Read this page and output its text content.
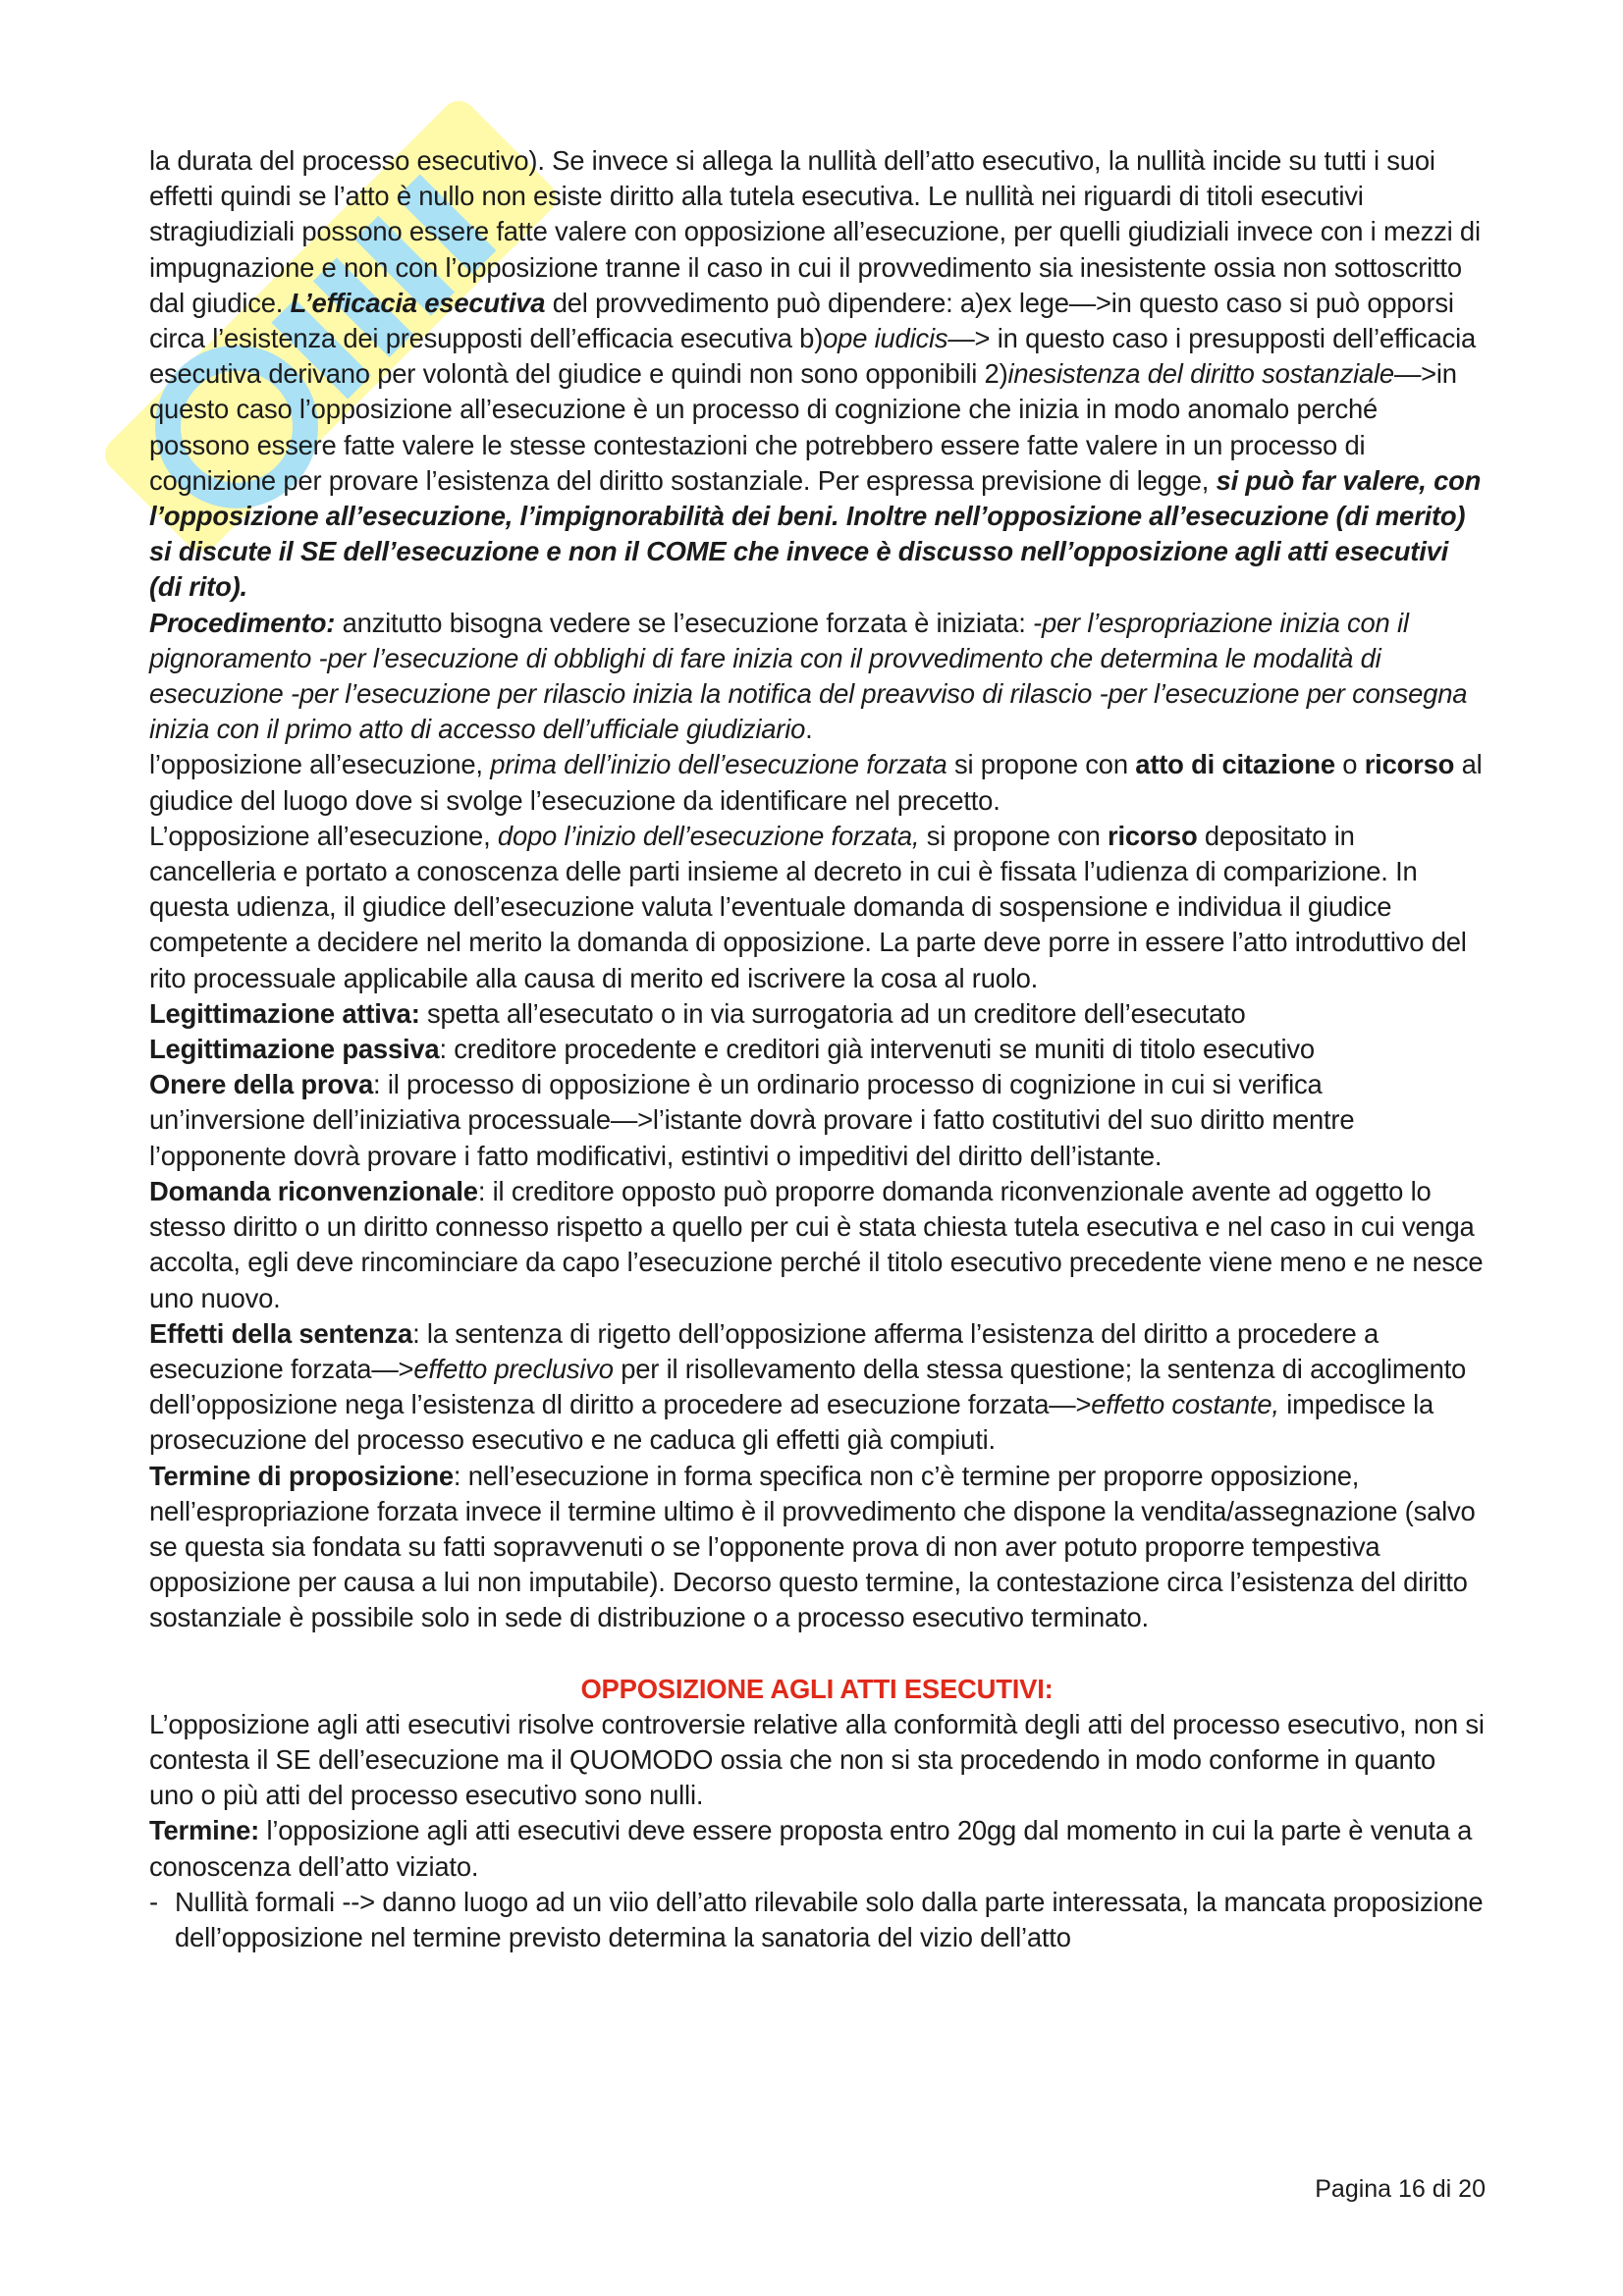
la durata del processo esecutivo). Se invece si allega la nullità dell’atto esecutivo, la nullità incide su tutti i suoi effetti quindi se l’atto è nullo non esiste diritto alla tutela esecutiva. Le nullità nei riguardi di titoli esecutivi stragiudiziali possono essere fatte valere con opposizione all’esecuzione, per quelli giudiziali invece con i mezzi di impugnazione e non con l’opposizione tranne il caso in cui il provvedimento sia inesistente ossia non sottoscritto dal giudice. L’efficacia esecutiva del provvedimento può dipendere: a)ex lege—>in questo caso si può opporsi circa l’esistenza dei presupposti dell’efficacia esecutiva b)ope iudicis—> in questo caso i presupposti dell’efficacia esecutiva derivano per volontà del giudice e quindi non sono opponibili 2)inesistenza del diritto sostanziale—>in questo caso l’opposizione all’esecuzione è un processo di cognizione che inizia in modo anomalo perché possono essere fatte valere le stesse contestazioni che potrebbero essere fatte valere in un processo di cognizione per provare l’esistenza del diritto sostanziale. Per espressa previsione di legge, si può far valere, con l’opposizione all’esecuzione, l’impignorabilità dei beni. Inoltre nell’opposizione all’esecuzione (di merito) si discute il SE dell’esecuzione e non il COME che invece è discusso nell’opposizione agli atti esecutivi (di rito).

Procedimento: anzitutto bisogna vedere se l’esecuzione forzata è iniziata: -per l’espropriazione inizia con il pignoramento -per l’esecuzione di obblighi di fare inizia con il provvedimento che determina le modalità di esecuzione -per l’esecuzione per rilascio inizia la notifica del preavviso di rilascio -per l’esecuzione per consegna inizia con il primo atto di accesso dell’ufficiale giudiziario.

l’opposizione all’esecuzione, prima dell’inizio dell’esecuzione forzata si propone con atto di citazione o ricorso al giudice del luogo dove si svolge l’esecuzione da identificare nel precetto.

L’opposizione all’esecuzione, dopo l’inizio dell’esecuzione forzata, si propone con ricorso depositato in cancelleria e portato a conoscenza delle parti insieme al decreto in cui è fissata l’udienza di comparizione. In questa udienza, il giudice dell’esecuzione valuta l’eventuale domanda di sospensione e individua il giudice competente a decidere nel merito la domanda di opposizione. La parte deve porre in essere l’atto introduttivo del rito processuale applicabile alla causa di merito ed iscrivere la cosa al ruolo.

Legittimazione attiva: spetta all’esecutato o in via surrogatoria ad un creditore dell’esecutato

Legittimazione passiva: creditore procedente e creditori già intervenuti se muniti di titolo esecutivo

Onere della prova: il processo di opposizione è un ordinario processo di cognizione in cui si verifica un’inversione dell’iniziativa processuale—>l’istante dovrà provare i fatto costitutivi del suo diritto mentre l’opponente dovrà provare i fatto modificativi, estintivi o impeditivi del diritto dell’istante.

Domanda riconvenzionale: il creditore opposto può proporre domanda riconvenzionale avente ad oggetto lo stesso diritto o un diritto connesso rispetto a quello per cui è stata chiesta tutela esecutiva e nel caso in cui venga accolta, egli deve rincominciare da capo l’esecuzione perché il titolo esecutivo precedente viene meno e ne nesce uno nuovo.

Effetti della sentenza: la sentenza di rigetto dell’opposizione afferma l’esistenza del diritto a procedere a esecuzione forzata—>effetto preclusivo per il risollevamento della stessa questione; la sentenza di accoglimento dell’opposizione nega l’esistenza dl diritto a procedere ad esecuzione forzata—>effetto costante, impedisce la prosecuzione del processo esecutivo e ne caduca gli effetti già compiuti.

Termine di proposizione: nell’esecuzione in forma specifica non c’è termine per proporre opposizione, nell’espropriazione forzata invece il termine ultimo è il provvedimento che dispone la vendita/assegnazione (salvo se questa sia fondata su fatti sopravvenuti o se l’opponente prova di non aver potuto proporre tempestiva opposizione per causa a lui non imputabile). Decorso questo termine, la contestazione circa l’esistenza del diritto sostanziale è possibile solo in sede di distribuzione o a processo esecutivo terminato.

OPPOSIZIONE AGLI ATTI ESECUTIVI:

L’opposizione agli atti esecutivi risolve controversie relative alla conformità degli atti del processo esecutivo, non si contesta il SE dell’esecuzione ma il QUOMODO ossia che non si sta procedendo in modo conforme in quanto uno o più atti del processo esecutivo sono nulli.

Termine: l’opposizione agli atti esecutivi deve essere proposta entro 20gg dal momento in cui la parte è venuta a conoscenza dell’atto viziato.

- Nullità formali --> danno luogo ad un viio dell’atto rilevabile solo dalla parte interessata, la mancata proposizione dell’opposizione nel termine previsto determina la sanatoria del vizio dell’atto
Pagina 16 di 20
